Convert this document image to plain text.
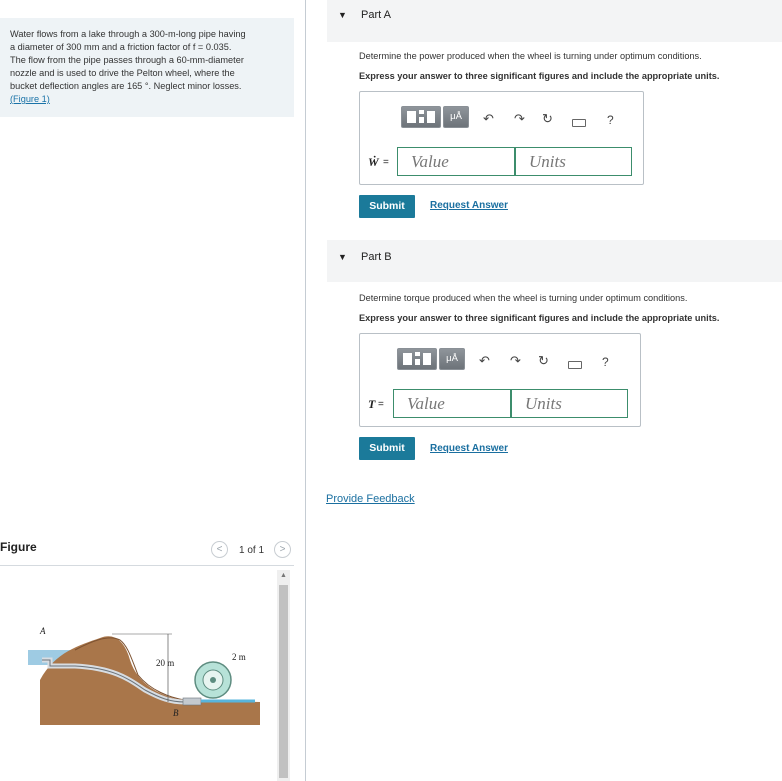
Water flows from a lake through a 300-m-long pipe having
a diameter of 300 mm and a friction factor of f = 0.035.
The flow from the pipe passes through a 60-mm-diameter
nozzle and is used to drive the Pelton wheel, where the
bucket deflection angles are 165 °. Neglect minor losses.
(Figure 1)
Figure	<	1 of 1	>
A
20 m
2 m
B
▲
▼ Part A
Determine the power produced when the wheel is turning under optimum conditions.
Express your answer to three significant figures and include the appropriate units.
μÅ	↶ ↷ ↻	?
Ẇ =	Value	Units
Submit	Request Answer
▼ Part B
Determine torque produced when the wheel is turning under optimum conditions.
Express your answer to three significant figures and include the appropriate units.
μÅ	↶ ↷ ↻	?
T =	Value	Units
Submit	Request Answer
Provide Feedback
